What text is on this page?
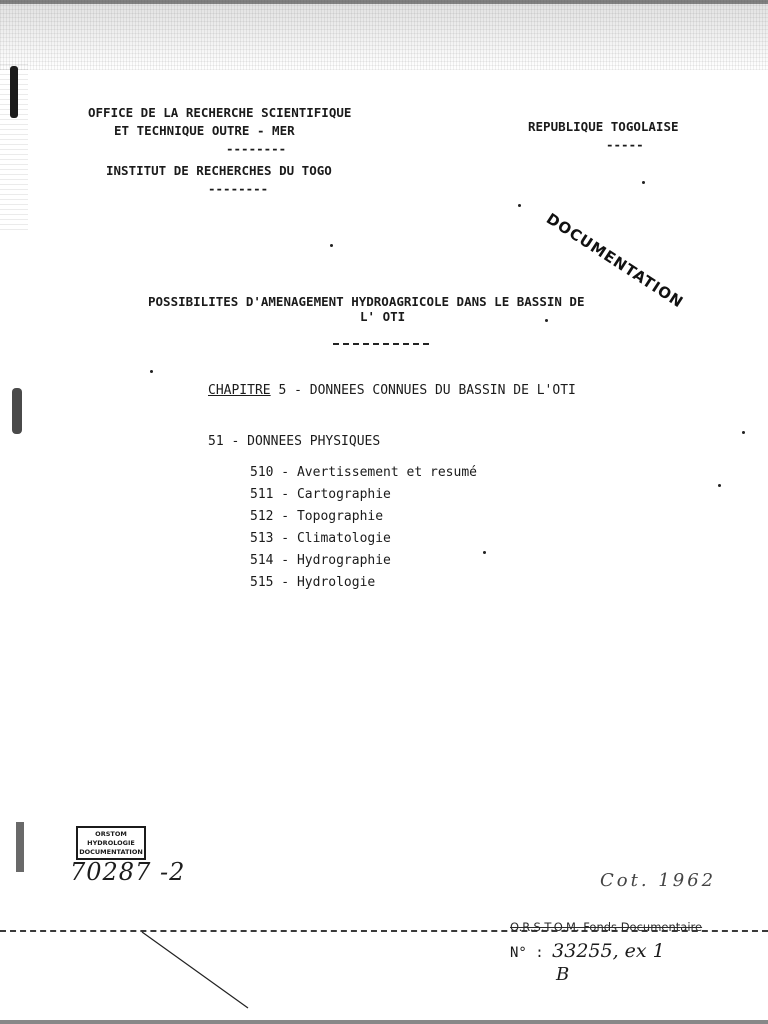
OFFICE DE LA RECHERCHE SCIENTIFIQUE
ET TECHNIQUE OUTRE - MER
--------
INSTITUT DE RECHERCHES DU TOGO
--------
REPUBLIQUE TOGOLAISE
-----
DOCUMENTATION
POSSIBILITES D'AMENAGEMENT HYDROAGRICOLE DANS LE BASSIN DE
L' OTI
CHAPITRE 5 - DONNEES CONNUES DU BASSIN DE L'OTI
51 - DONNEES PHYSIQUES
510 - Avertissement et resumé
511 - Cartographie
512 - Topographie
513 - Climatologie
514 - Hydrographie
515 - Hydrologie
ORSTOM
HYDROLOGIE
DOCUMENTATION
70287 -2	Cot. 1962
O.R.S.T.O.M. Fonds Documentaire
N° : 33255, ex 1
B
